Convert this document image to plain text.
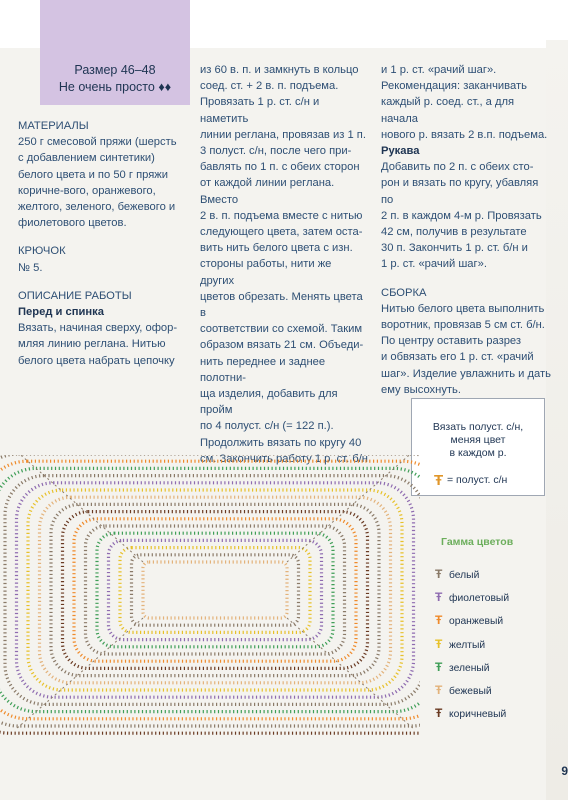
Размер 46–48
Не очень просто ♦♦

МАТЕРИАЛЫ

250 г смесовой пряжи (шерсть

с добавлением синтетики)

белого цвета и по 50 г пряжи

коричне-вого, оранжевого,

желтого, зеленого, бежевого и

фиолетового цветов.

КРЮЧОК

№ 5.

ОПИСАНИЕ РАБОТЫ

Перед и спинка

Вязать, начиная сверху, офор-

мляя линию реглана. Нитью

белого цвета набрать цепочку

из 60 в. п. и замкнуть в кольцо

соед. ст. + 2 в. п. подъема.

Провязать 1 р. ст. с/н и наметить

линии реглана, провязав из 1 п.

3 полуст. с/н, после чего при-

бавлять по 1 п. с обеих сторон

от каждой линии реглана. Вместо

2 в. п. подъема вместе с нитью

следующего цвета, затем оста-

вить нить белого цвета с изн.

стороны работы, нити же других

цветов обрезать. Менять цвета в

соответствии со схемой. Таким

образом вязать 21 см. Объеди-

нить переднее и заднее полотни-

ща изделия, добавить для пройм

по 4 полуст. с/н (= 122 п.).

Продолжить вязать по кругу 40

см. Закончить работу 1 р. ст. б/н

и 1 р. ст. «рачий шаг».

Рекомендация: заканчивать

каждый р. соед. ст., а для начала

нового р. вязать 2 в.п. подъема.

Рукава

Добавить по 2 п. с обеих сто-

рон и вязать по кругу, убавляя по

2 п. в каждом 4-м р. Провязать

42 см, получив в результате

30 п. Закончить 1 р. ст. б/н и

1 р. ст. «рачий шаг».

СБОРКА

Нитью белого цвета выполнить

воротник, провязав 5 см ст. б/н.

По центру оставить разрез

и обвязать его 1 р. ст. «рачий

шаг». Изделие увлажнить и дать

ему высохнуть.

Вязать полуст. с/н,
меняя цвет
в каждом р.
Ŧ = полуст. с/н
Гамма цветов
Ŧ белый
Ŧ фиолетовый
Ŧ оранжевый
Ŧ желтый
Ŧ зеленый
Ŧ бежевый
Ŧ коричневый
9
